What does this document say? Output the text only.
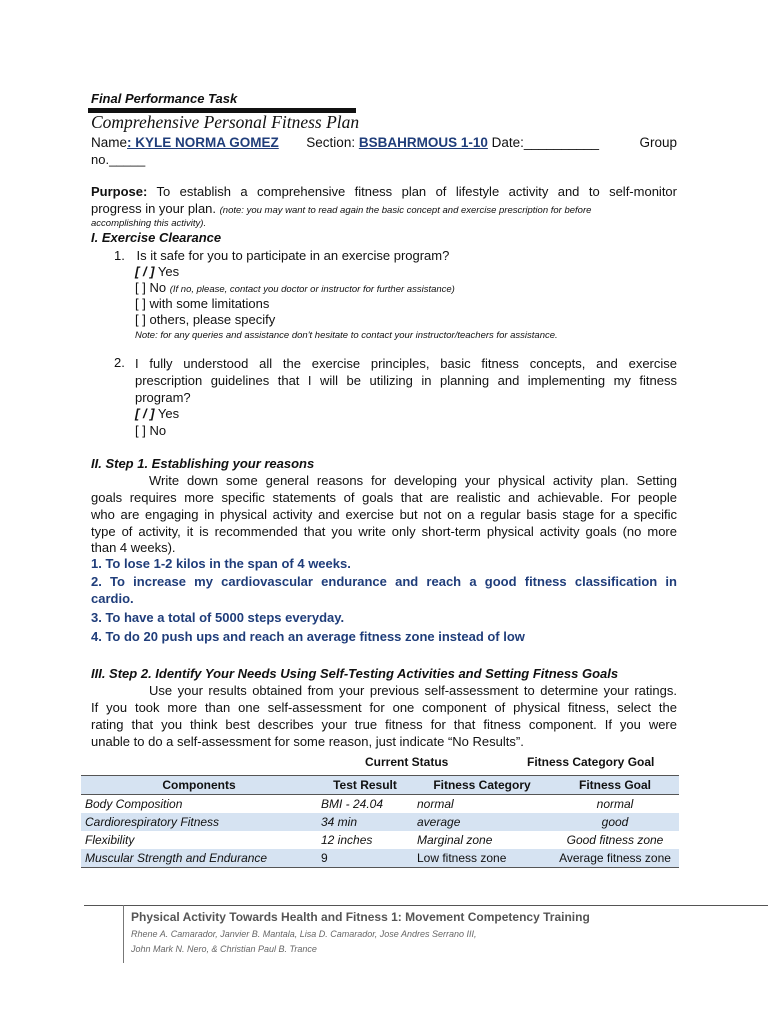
Final Performance Task
Comprehensive Personal Fitness Plan
Name: KYLE NORMA GOMEZ Section: BSBAHRMOUS 1-10 Date:__________	Group
no._____
Purpose: To establish a comprehensive fitness plan of lifestyle activity and to self-monitor
progress in your plan. (note: you may want to read again the basic concept and exercise prescription for before
accomplishing this activity).
I. Exercise Clearance
1. Is it safe for you to participate in an exercise program?
[ / ] Yes
[ ] No (If no, please, contact you doctor or instructor for further assistance)
[ ] with some limitations
[ ] others, please specify
Note: for any queries and assistance don't hesitate to contact your instructor/teachers for assistance.
2. I fully understood all the exercise principles, basic fitness concepts, and exercise
prescription guidelines that I will be utilizing in planning and implementing my fitness
program?
[ / ] Yes
[ ] No
II. Step 1. Establishing your reasons
Write down some general reasons for developing your physical activity plan. Setting
goals requires more specific statements of goals that are realistic and achievable. For people
who are engaging in physical activity and exercise but not on a regular basis stage for a specific
type of activity, it is recommended that you write only short-term physical activity goals (no more
than 4 weeks).
1. To lose 1-2 kilos in the span of 4 weeks.
2. To increase my cardiovascular endurance and reach a good fitness classification in
cardio.
3. To have a total of 5000 steps everyday.
4. To do 20 push ups and reach an average fitness zone instead of low
III. Step 2. Identify Your Needs Using Self-Testing Activities and Setting Fitness Goals
Use your results obtained from your previous self-assessment to determine your ratings.
If you took more than one self-assessment for one component of physical fitness, select the
rating that you think best describes your true fitness for that fitness component. If you were
unable to do a self-assessment for some reason, just indicate “No Results”.
Current Status	Fitness Category Goal
Components	Test Result	Fitness Category	Fitness Goal
Body Composition	BMI - 24.04	normal	normal
Cardiorespiratory Fitness	34 min	average	good
Flexibility	12 inches	Marginal zone	Good fitness zone
Muscular Strength and Endurance	9	Low fitness zone	Average fitness zone
Physical Activity Towards Health and Fitness 1: Movement Competency Training
Rhene A. Camarador, Janvier B. Mantala, Lisa D. Camarador, Jose Andres Serrano III,
John Mark N. Nero, & Christian Paul B. Trance
